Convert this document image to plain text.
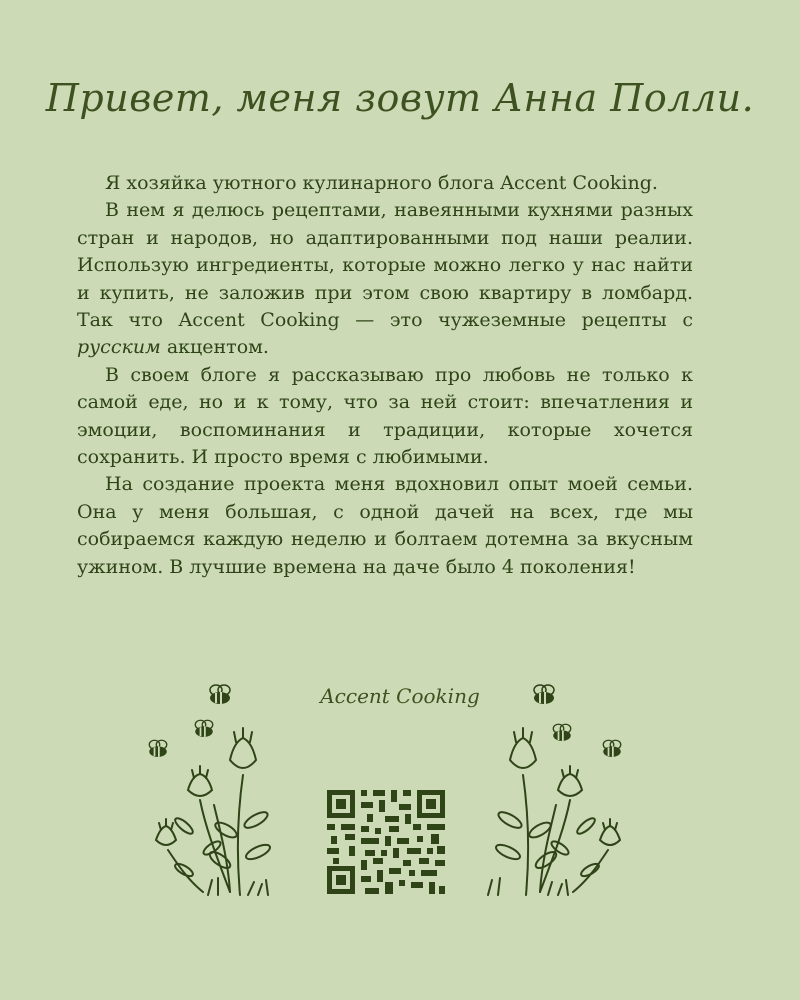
Привет, меня зовут Анна Полли.

Я хозяйка уютного кулинарного блога Accent Cooking.

В нем я делюсь рецептами, навеянными кухнями разных стран и народов, но адаптированными под наши реалии. Использую ингредиенты, которые можно легко у нас найти и купить, не заложив при этом свою квартиру в ломбард. Так что Accent Cooking — это чужеземные рецепты с русским акцентом.

В своем блоге я рассказываю про любовь не только к самой еде, но и к тому, что за ней стоит: впечатления и эмоции, воспоминания и традиции, которые хочется сохранить. И просто время с любимыми.

На создание проекта меня вдохновил опыт моей семьи. Она у меня большая, с одной дачей на всех, где мы собираемся каждую неделю и болтаем дотемна за вкусным ужином. В лучшие времена на даче было 4 поколения!

Accent Cooking
